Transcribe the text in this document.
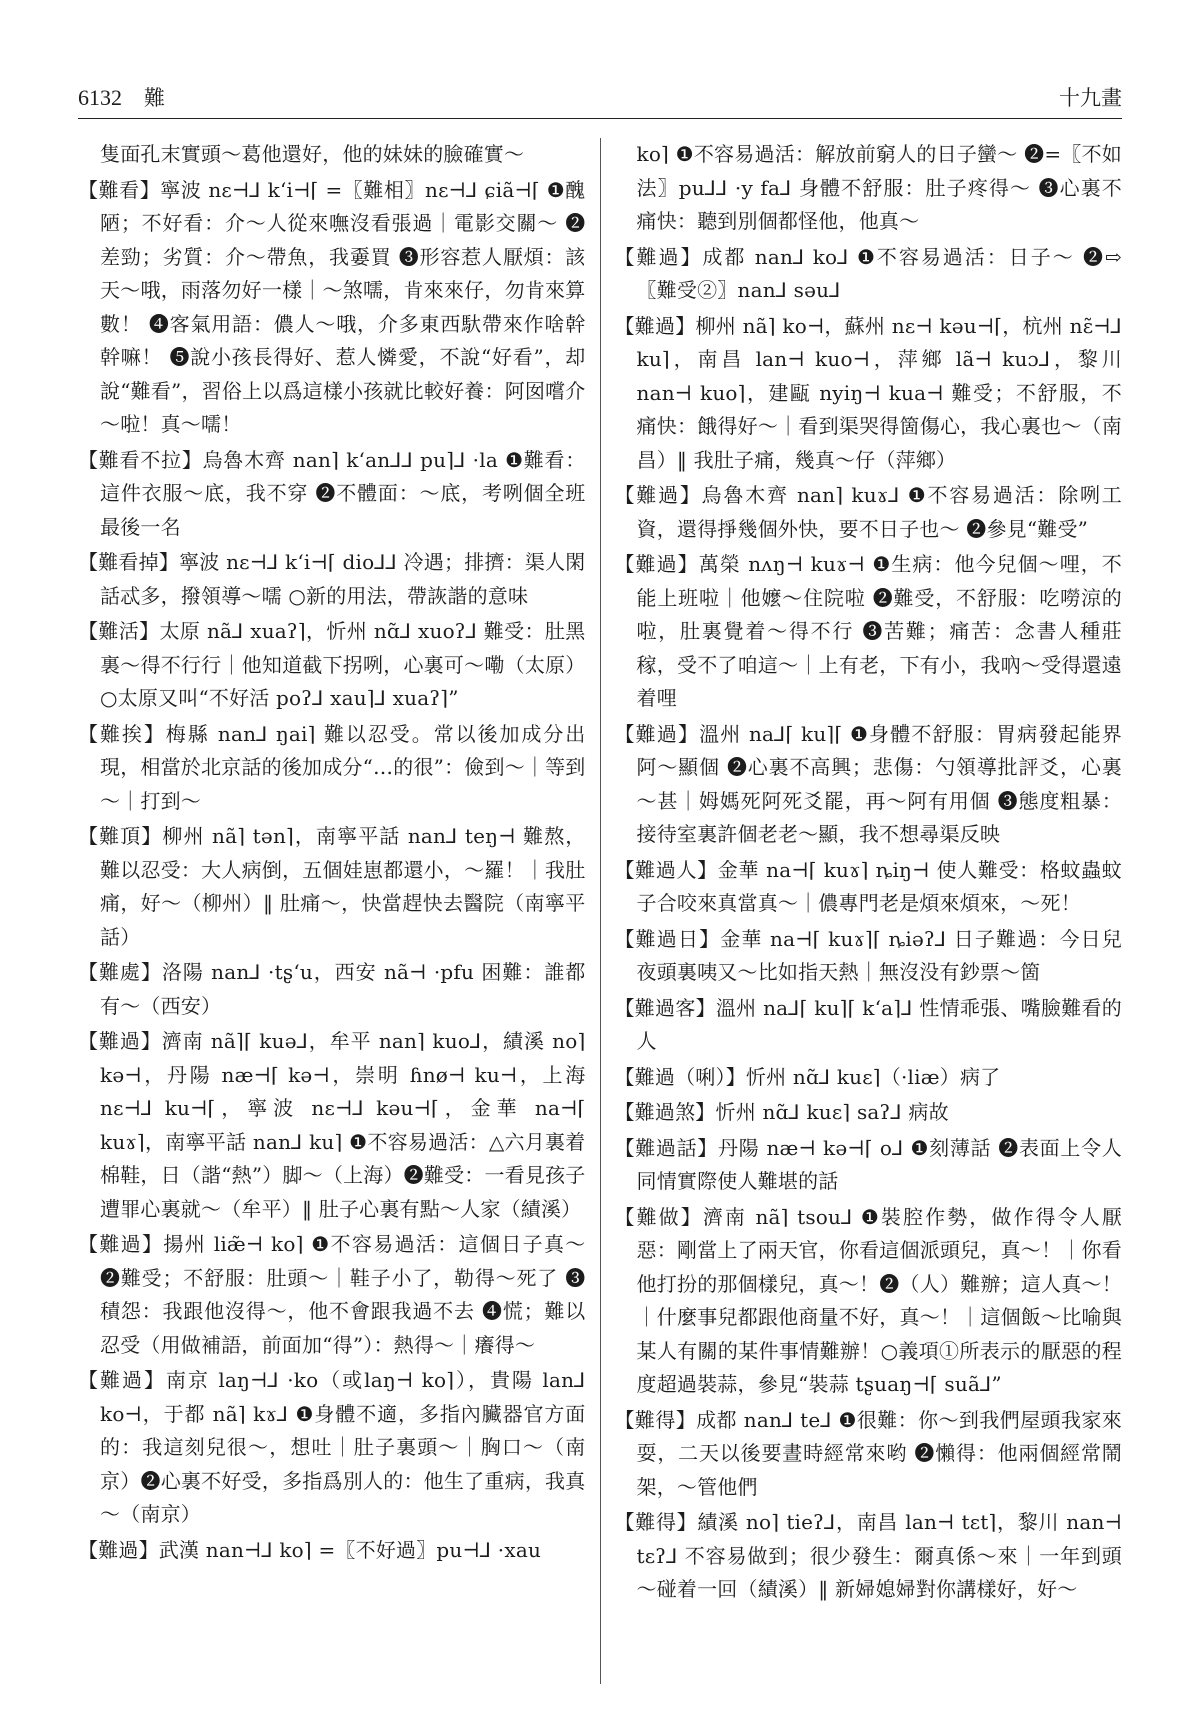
6132 難	十九畫

隻面孔末實頭～葛他還好，他的妹妹的臉確實～

【難看】寧波 nɛ⊣⅃ kʻi⊣⌈ =〖難相〗nɛ⊣⅃ ɕiã⊣⌈ ❶醜陋；不好看：介～人從來嘸沒看張過｜電影交關～ ❷差勁；劣質：介～帶魚，我嫑買 ❸形容惹人厭煩：該天～哦，雨落勿好一樣｜～煞嚅，肯來來仔，勿肯來算數！ ❹客氣用語：儂人～哦，介多東西馱帶來作啥幹幹嘛！ ❺說小孩長得好、惹人憐愛，不說“好看”，却說“難看”，習俗上以爲這樣小孩就比較好養：阿囡嚐介～啦！真～嚅！

【難看不拉】烏魯木齊 nan⌉ kʻan⅃⅃ pu⌉⅃ ·la ❶難看：這件衣服～底，我不穿 ❷不體面：～底，考咧個全班最後一名

【難看掉】寧波 nɛ⊣⅃ kʻi⊣⌈ dio⅃⅃ 冷遇；排擠：渠人閑話忒多，撥領導～嚅 ○新的用法，帶詼諧的意味

【難活】太原 nã⅃ xuaʔ⌉，忻州 nɑ̃⅃ xuoʔ⅃ 難受：肚黑裏～得不行行｜他知道截下拐咧，心裏可～嘞（太原）○太原又叫“不好活 poʔ⅃ xau⌉⅃ xuaʔ⌉”

【難挨】梅縣 nan⅃ ŋai⌉ 難以忍受。常以後加成分出現，相當於北京話的後加成分“…的很”：儉到～｜等到～｜打到～

【難頂】柳州 nã⌉ tən⌉，南寧平話 nan⅃ teŋ⊣ 難熬，難以忍受：大人病倒，五個娃崽都還小，～羅！｜我肚痛，好～（柳州）‖ 肚痛～，快當趕快去醫院（南寧平話）

【難處】洛陽 nan⅃ ·tʂʻu，西安 nã⊣ ·pfu 困難：誰都有～（西安）

【難過】濟南 nã⌉⌈ kuə⅃，牟平 nan⌉ kuo⅃，績溪 no⌉ kə⊣，丹陽 næ⊣⌈ kə⊣，崇明 ɦnø⊣ ku⊣，上海 nɛ⊣⅃ ku⊣⌈，寧波 nɛ⊣⅃ kəu⊣⌈，金華 na⊣⌈ kuɤ⌉，南寧平話 nan⅃ ku⌉ ❶不容易過活：△六月裏着棉鞋，日（諧“熱”）脚～（上海）❷難受：一看見孩子遭罪心裏就～（牟平）‖ 肚子心裏有點～人家（績溪）

【難過】揚州 liæ̃⊣ ko⌉ ❶不容易過活：這個日子真～ ❷難受；不舒服：肚頭～｜鞋子小了，勒得～死了 ❸積怨：我跟他沒得～，他不會跟我過不去 ❹慌；難以忍受（用做補語，前面加“得”）：熱得～｜癢得～

【難過】南京 laŋ⊣⅃ ·ko（或laŋ⊣ ko⌉），貴陽 lan⅃ ko⊣，于都 nã⌉ kɤ⅃ ❶身體不適，多指內臟器官方面的：我這刻兒很～，想吐｜肚子裏頭～｜胸口～（南京）❷心裏不好受，多指爲別人的：他生了重病，我真～（南京）

【難過】武漢 nan⊣⅃ ko⌉ =〖不好過〗pu⊣⅃ ·xau

ko⌉ ❶不容易過活：解放前窮人的日子蠻～ ❷=〖不如法〗pu⅃⅃ ·y fa⅃ 身體不舒服：肚子疼得～ ❸心裏不痛快：聽到別個都怪他，他真～

【難過】成都 nan⅃ ko⅃ ❶不容易過活：日子～ ❷⇨〖難受②〗nan⅃ səu⅃

【難過】柳州 nã⌉ ko⊣，蘇州 nɛ⊣ kəu⊣⌈，杭州 nɛ̃⊣⅃ ku⌉，南昌 lan⊣ kuo⊣，萍鄉 lã⊣ kuɔ⅃，黎川 nan⊣ kuo⌉，建甌 nyiŋ⊣ kua⊣ 難受；不舒服，不痛快：餓得好～｜看到渠哭得箇傷心，我心裏也～（南昌）‖ 我肚子痛，幾真～仔（萍鄉）

【難過】烏魯木齊 nan⌉ kuɤ⅃ ❶不容易過活：除咧工資，還得掙幾個外快，要不日子也～ ❷參見“難受”

【難過】萬榮 nʌŋ⊣ kuɤ⊣ ❶生病：他今兒個～哩，不能上班啦｜他嬤～住院啦 ❷難受，不舒服：吃嘮涼的啦，肚裏覺着～得不行 ❸苦難；痛苦：念書人種莊稼，受不了咱這～｜上有老，下有小，我吶～受得還遠着哩

【難過】溫州 na⅃⌈ ku⌉⌈ ❶身體不舒服：胃病發起能界阿～顯個 ❷心裏不高興；悲傷：勺領導批評爻，心裏～甚｜姆媽死阿死爻罷，再～阿有用個 ❸態度粗暴：接待室裏許個老老～顯，我不想尋渠反映

【難過人】金華 na⊣⌈ kuɤ⌉ ȵiŋ⊣ 使人難受：格蚊蟲蚊子合咬來真當真～｜儂專門老是煩來煩來，～死！

【難過日】金華 na⊣⌈ kuɤ⌉⌈ ȵiəʔ⅃ 日子難過：今日兒夜頭裏咦又～比如指天熱｜無沒没有鈔票～箇

【難過客】溫州 na⅃⌈ ku⌉⌈ kʻa⌉⅃ 性情乖張、嘴臉難看的人

【難過（唎）】忻州 nɑ̃⅃ kuɛ⌉（·liæ）病了

【難過煞】忻州 nɑ̃⅃ kuɛ⌉ saʔ⅃ 病故

【難過話】丹陽 næ⊣ kə⊣⌈ o⅃ ❶刻薄話 ❷表面上令人同情實際使人難堪的話

【難做】濟南 nã⌉ tsou⅃ ❶裝腔作勢，做作得令人厭惡：剛當上了兩天官，你看這個派頭兒，真～！｜你看他打扮的那個樣兒，真～！❷（人）難辦；這人真～！｜什麼事兒都跟他商量不好，真～！｜這個飯～比喻與某人有關的某件事情難辦！○義項①所表示的厭惡的程度超過裝蒜，參見“裝蒜 tʂuaŋ⊣⌈ suã⅃”

【難得】成都 nan⅃ te⅃ ❶很難：你～到我們屋頭我家來耍，二天以後要晝時經常來哟 ❷懶得：他兩個經常鬧架，～管他們

【難得】績溪 no⌉ tieʔ⅃，南昌 lan⊣ tɛt⌉，黎川 nan⊣ tɛʔ⅃ 不容易做到；很少發生：爾真係～來｜一年到頭～碰着一回（績溪）‖ 新婦媳婦對你講樣好，好～
